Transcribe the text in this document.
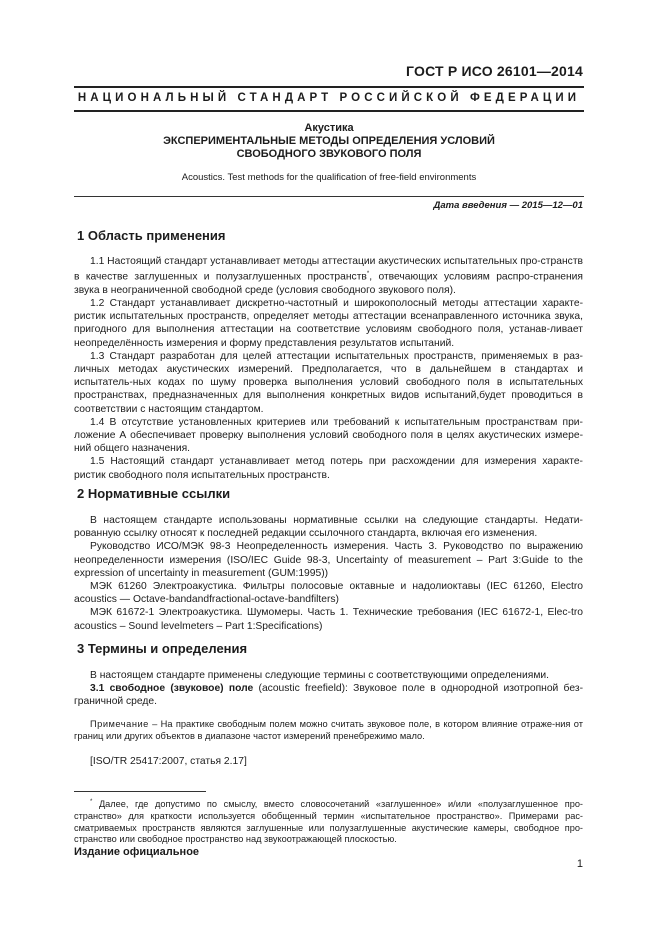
ГОСТ Р ИСО 26101—2014
НАЦИОНАЛЬНЫЙ СТАНДАРТ РОССИЙСКОЙ ФЕДЕРАЦИИ
Акустика
ЭКСПЕРИМЕНТАЛЬНЫЕ МЕТОДЫ ОПРЕДЕЛЕНИЯ УСЛОВИЙ
СВОБОДНОГО ЗВУКОВОГО ПОЛЯ
Acoustics. Test methods for the qualification of free-field environments
Дата введения — 2015—12—01
1 Область применения

1.1 Настоящий стандарт устанавливает методы аттестации акустических испытательных про-странств в качестве заглушенных и полузаглушенных пространств*, отвечающих условиям распро-странения звука в неограниченной свободной среде (условия свободного звукового поля).

1.2 Стандарт устанавливает дискретно-частотный и широкополосный методы аттестации характе-ристик испытательных пространств, определяет методы аттестации всенаправленного источника звука, пригодного для выполнения аттестации на соответствие условиям свободного поля, устанав-ливает неопределённость измерения и форму представления результатов испытаний.

1.3 Стандарт разработан для целей аттестации испытательных пространств, применяемых в раз-личных методах акустических измерений. Предполагается, что в дальнейшем в стандартах и испытатель-ных кодах по шуму проверка выполнения условий свободного поля в испытательных пространствах, предназначенных для выполнения конкретных видов испытаний,будет проводиться в соответствии с настоящим стандартом.

1.4 В отсутствие установленных критериев или требований к испытательным пространствам при-ложение А обеспечивает проверку выполнения условий свободного поля в целях акустических измере-ний общего назначения.

1.5 Настоящий стандарт устанавливает метод потерь при расхождении для измерения характе-ристик свободного поля испытательных пространств.

2 Нормативные ссылки

В настоящем стандарте использованы нормативные ссылки на следующие стандарты. Недати-рованную ссылку относят к последней редакции ссылочного стандарта, включая его изменения.

Руководство ИСО/МЭК 98-3 Неопределенность измерения. Часть 3. Руководство по выражению неопределенности измерения (ISO/IEC Guide 98-3, Uncertainty of measurement – Part 3:Guide to the expression of uncertainty in measurement (GUM:1995))

МЭК 61260 Электроакустика. Фильтры полосовые октавные и надолиоктавы (IEC 61260, Electro acoustics — Octave-bandandfractional-octave-bandfilters)

МЭК 61672-1 Электроакустика. Шумомеры. Часть 1. Технические требования (IEC 61672-1, Elec-tro acoustics – Sound levelmeters – Part 1:Specifications)

3 Термины и определения

В настоящем стандарте применены следующие термины с соответствующими определениями.

3.1 свободное (звуковое) поле (acoustic freefield): Звуковое поле в однородной изотропной без-граничной среде.

Примечание – На практике свободным полем можно считать звуковое поле, в котором влияние отраже-ния от границ или других объектов в диапазоне частот измерений пренебрежимо мало.
[ISO/TR 25417:2007, статья 2.17]
* Далее, где допустимо по смыслу, вместо словосочетаний «заглушенное» и/или «полузаглушенное про-странство» для краткости используется обобщенный термин «испытательное пространство». Примерами рас-сматриваемых пространств являются заглушенные или полузаглушенные акустические камеры, свободное про-странство или свободное пространство над звукоотражающей плоскостью.
Издание официальное
1
